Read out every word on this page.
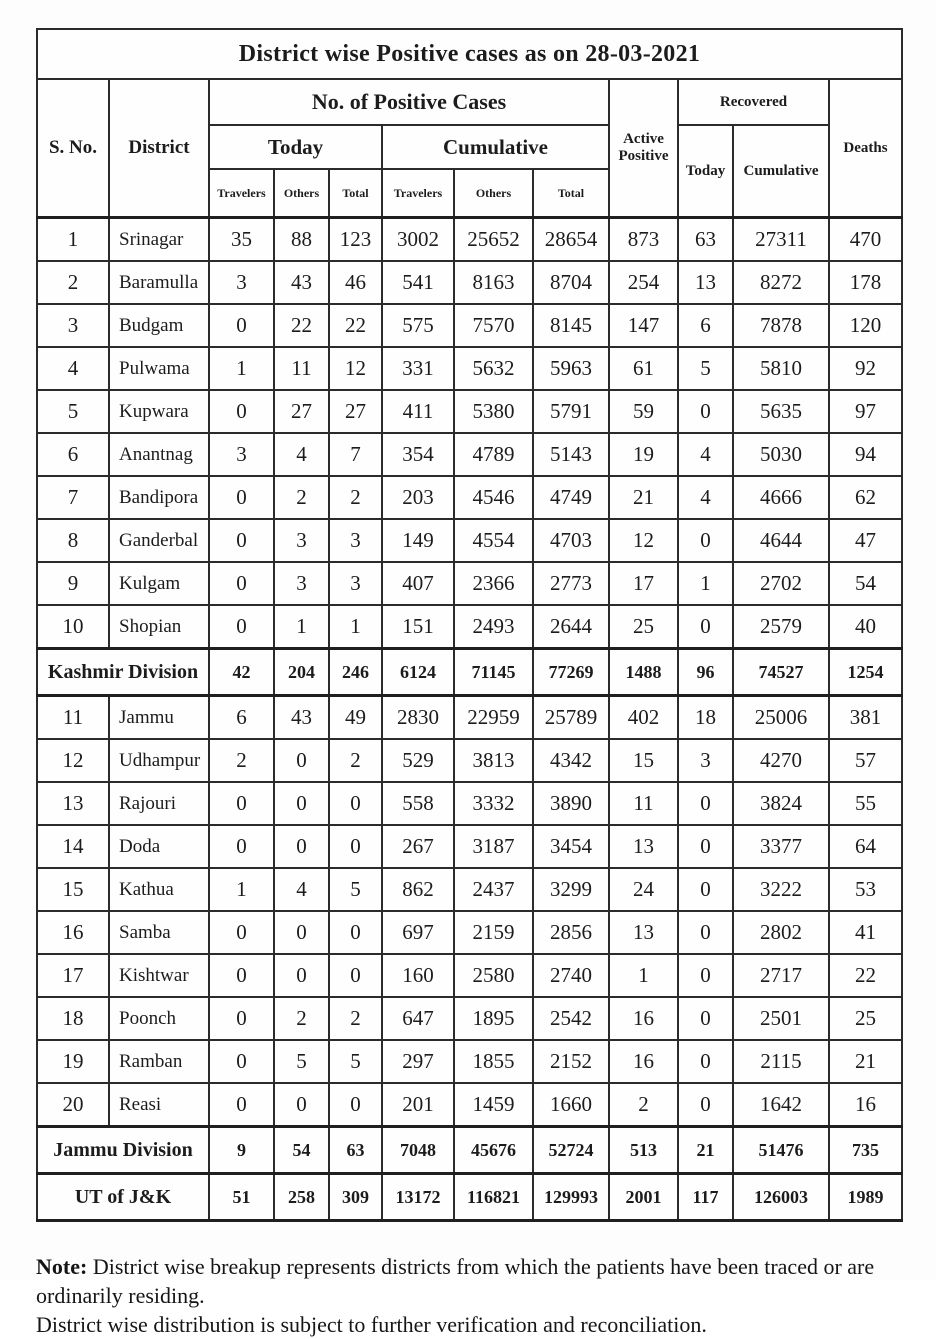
District wise Positive cases as on 28-03-2021											
S. No.	District	No. of Positive Cases						Active Positive	Recovered		Deaths
		Today			Cumulative				Today	Cumulative	
		Travelers	Others	Total	Travelers	Others	Total				
1	Srinagar	35	88	123	3002	25652	28654	873	63	27311	470
2	Baramulla	3	43	46	541	8163	8704	254	13	8272	178
3	Budgam	0	22	22	575	7570	8145	147	6	7878	120
4	Pulwama	1	11	12	331	5632	5963	61	5	5810	92
5	Kupwara	0	27	27	411	5380	5791	59	0	5635	97
6	Anantnag	3	4	7	354	4789	5143	19	4	5030	94
7	Bandipora	0	2	2	203	4546	4749	21	4	4666	62
8	Ganderbal	0	3	3	149	4554	4703	12	0	4644	47
9	Kulgam	0	3	3	407	2366	2773	17	1	2702	54
10	Shopian	0	1	1	151	2493	2644	25	0	2579	40
Kashmir Division		42	204	246	6124	71145	77269	1488	96	74527	1254
11	Jammu	6	43	49	2830	22959	25789	402	18	25006	381
12	Udhampur	2	0	2	529	3813	4342	15	3	4270	57
13	Rajouri	0	0	0	558	3332	3890	11	0	3824	55
14	Doda	0	0	0	267	3187	3454	13	0	3377	64
15	Kathua	1	4	5	862	2437	3299	24	0	3222	53
16	Samba	0	0	0	697	2159	2856	13	0	2802	41
17	Kishtwar	0	0	0	160	2580	2740	1	0	2717	22
18	Poonch	0	2	2	647	1895	2542	16	0	2501	25
19	Ramban	0	5	5	297	1855	2152	16	0	2115	21
20	Reasi	0	0	0	201	1459	1660	2	0	1642	16
Jammu Division		9	54	63	7048	45676	52724	513	21	51476	735
UT of J&K		51	258	309	13172	116821	129993	2001	117	126003	1989
Note: District wise breakup represents districts from which the patients have been traced or are ordinarily residing.
District wise distribution is subject to further verification and reconciliation.
